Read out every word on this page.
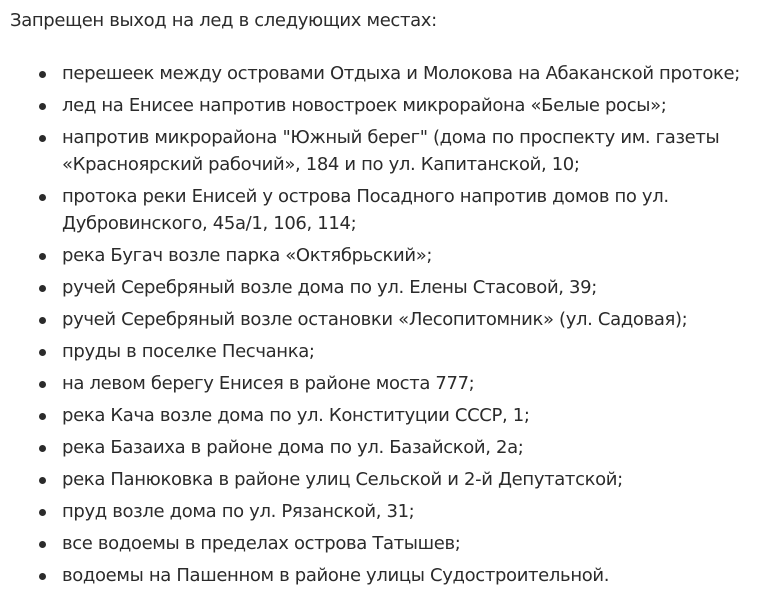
Запрещен выход на лед в следующих местах:

перешеек между островами Отдыха и Молокова на Абаканской протоке;
лед на Енисее напротив новостроек микрорайона «Белые росы»;
напротив микрорайона "Южный берег" (дома по проспекту им. газеты «Красноярский рабочий», 184 и по ул. Капитанской, 10;
протока реки Енисей у острова Посадного напротив домов по ул. Дубровинского, 45а/1, 106, 114;
река Бугач возле парка «Октябрьский»;
ручей Серебряный возле дома по ул. Елены Стасовой, 39;
ручей Серебряный возле остановки «Лесопитомник» (ул. Садовая);
пруды в поселке Песчанка;
на левом берегу Енисея в районе моста 777;
река Кача возле дома по ул. Конституции СССР, 1;
река Базаиха в районе дома по ул. Базайской, 2а;
река Панюковка в районе улиц Сельской и 2-й Депутатской;
пруд возле дома по ул. Рязанской, 31;
все водоемы в пределах острова Татышев;
водоемы на Пашенном в районе улицы Судостроительной.
